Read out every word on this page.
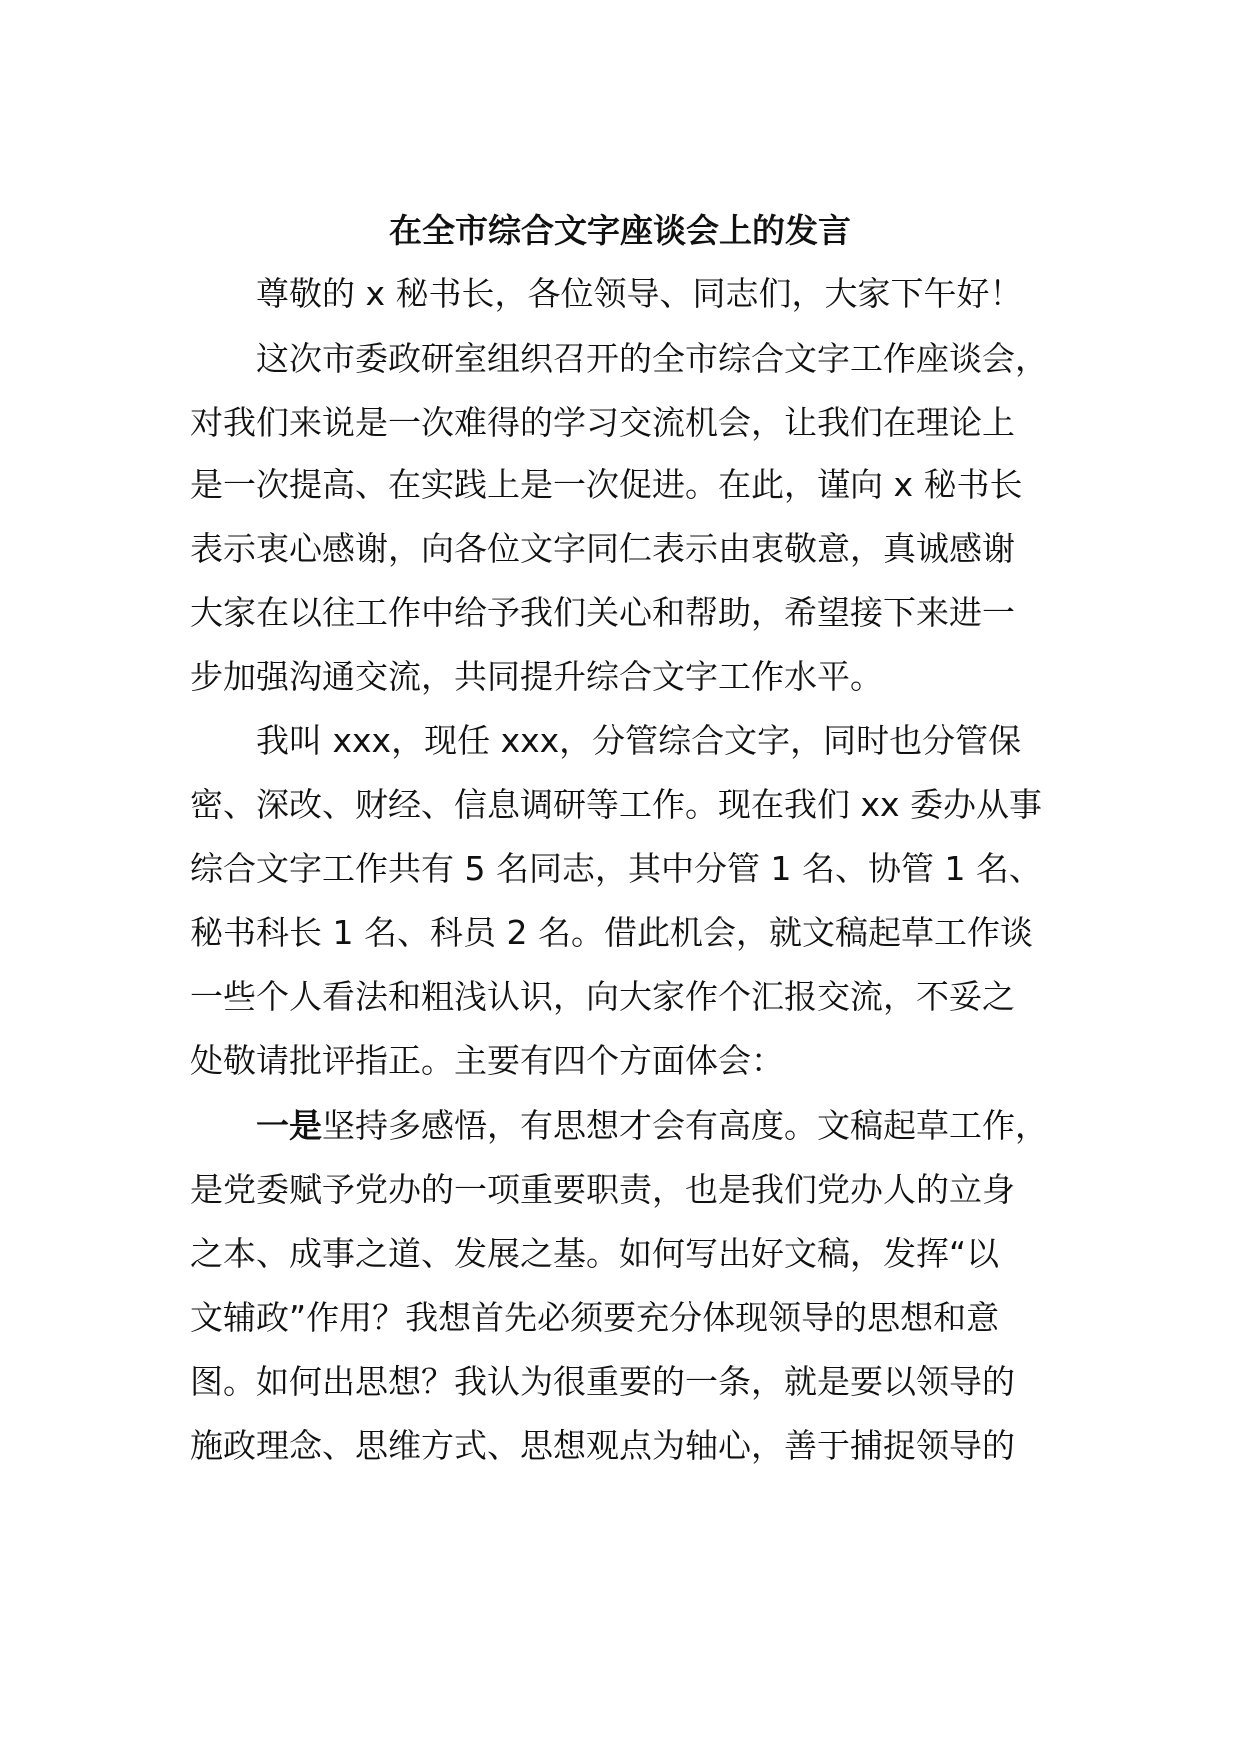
在全市综合文字座谈会上的发言

尊敬的 x 秘书长，各位领导、同志们，大家下午好！

这次市委政研室组织召开的全市综合文字工作座谈会，

对我们来说是一次难得的学习交流机会，让我们在理论上

是一次提高、在实践上是一次促进。在此，谨向 x 秘书长

表示衷心感谢，向各位文字同仁表示由衷敬意，真诚感谢

大家在以往工作中给予我们关心和帮助，希望接下来进一

步加强沟通交流，共同提升综合文字工作水平。

我叫 xxx，现任 xxx，分管综合文字，同时也分管保

密、深改、财经、信息调研等工作。现在我们 xx 委办从事

综合文字工作共有 5 名同志，其中分管 1 名、协管 1 名、

秘书科长 1 名、科员 2 名。借此机会，就文稿起草工作谈

一些个人看法和粗浅认识，向大家作个汇报交流，不妥之

处敬请批评指正。主要有四个方面体会：

一是坚持多感悟，有思想才会有高度。文稿起草工作，

是党委赋予党办的一项重要职责，也是我们党办人的立身

之本、成事之道、发展之基。如何写出好文稿，发挥“以

文辅政”作用？我想首先必须要充分体现领导的思想和意

图。如何出思想？我认为很重要的一条，就是要以领导的

施政理念、思维方式、思想观点为轴心，善于捕捉领导的
